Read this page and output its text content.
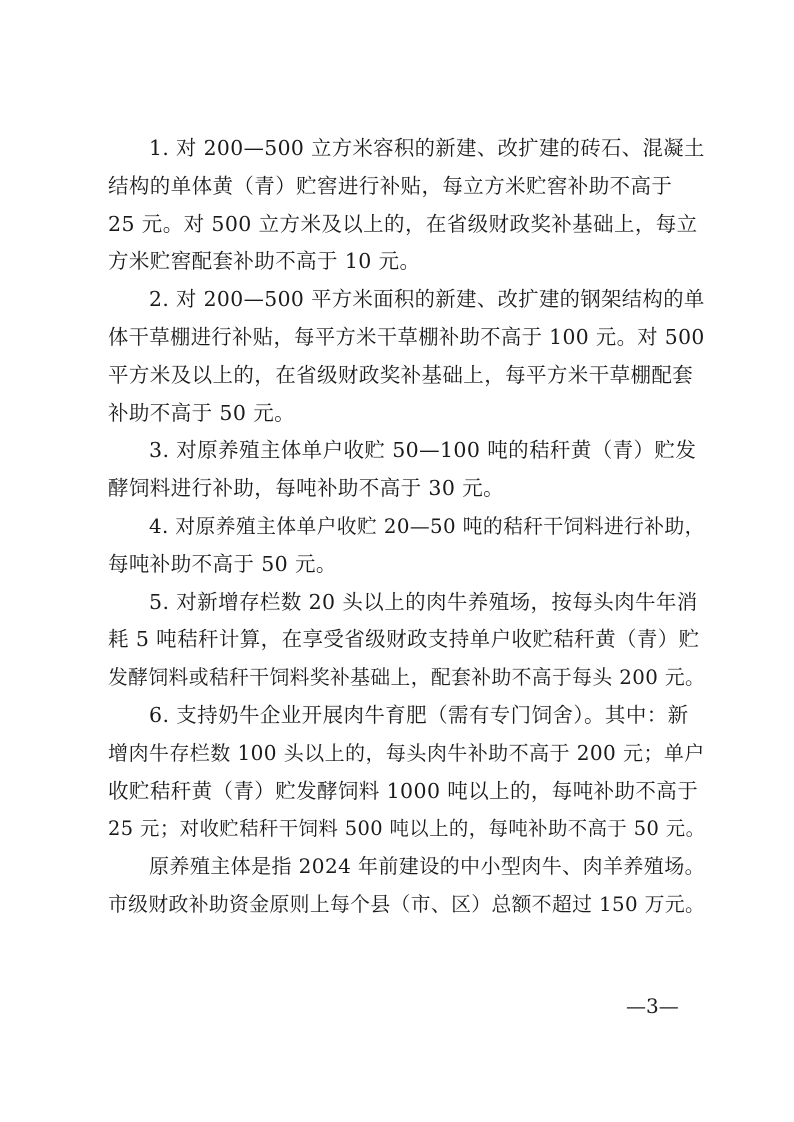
1. 对 200—500 立方米容积的新建、改扩建的砖石、混凝土
结构的单体黄（青）贮窖进行补贴，每立方米贮窖补助不高于
25 元。对 500 立方米及以上的，在省级财政奖补基础上，每立
方米贮窖配套补助不高于 10 元。

2. 对 200—500 平方米面积的新建、改扩建的钢架结构的单
体干草棚进行补贴，每平方米干草棚补助不高于 100 元。对 500
平方米及以上的，在省级财政奖补基础上，每平方米干草棚配套
补助不高于 50 元。

3. 对原养殖主体单户收贮 50—100 吨的秸秆黄（青）贮发
酵饲料进行补助，每吨补助不高于 30 元。

4. 对原养殖主体单户收贮 20—50 吨的秸秆干饲料进行补助，
每吨补助不高于 50 元。

5. 对新增存栏数 20 头以上的肉牛养殖场，按每头肉牛年消
耗 5 吨秸秆计算，在享受省级财政支持单户收贮秸秆黄（青）贮
发酵饲料或秸秆干饲料奖补基础上，配套补助不高于每头 200 元。

6. 支持奶牛企业开展肉牛育肥（需有专门饲舍）。其中：新
增肉牛存栏数 100 头以上的，每头肉牛补助不高于 200 元；单户
收贮秸秆黄（青）贮发酵饲料 1000 吨以上的，每吨补助不高于
25 元；对收贮秸秆干饲料 500 吨以上的，每吨补助不高于 50 元。

原养殖主体是指 2024 年前建设的中小型肉牛、肉羊养殖场。
市级财政补助资金原则上每个县（市、区）总额不超过 150 万元。

—3—
